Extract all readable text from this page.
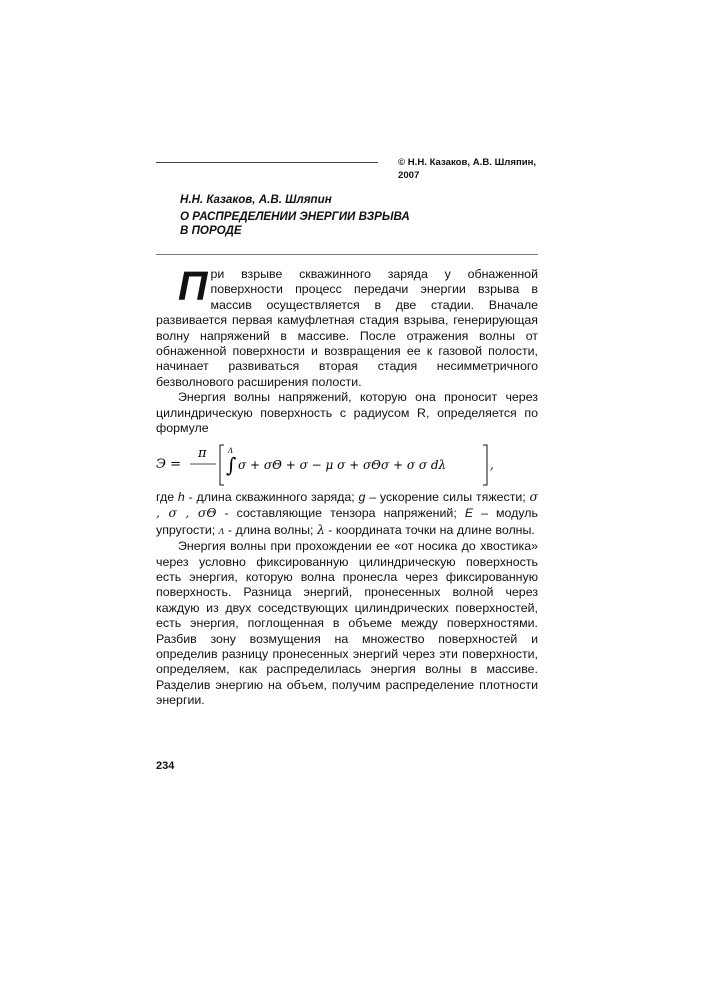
© Н.Н. Казаков, А.В. Шляпин,
2007
Н.Н. Казаков, А.В. Шляпин
О РАСПРЕДЕЛЕНИИ ЭНЕРГИИ ВЗРЫВА
В ПОРОДЕ

При взрыве скважинного заряда у обнаженной поверхности процесс передачи энергии взрыва в массив осуществляется в две стадии. Вначале развивается первая камуфлетная стадия взрыва, генерирующая волну напряжений в массиве. После отражения волны от обнаженной поверхности и возвращения ее к газовой полости, начинает развиваться вторая стадия несимметричного безволнового расширения полости.

Энергия волны напряжений, которую она проносит через цилиндрическую поверхность с радиусом R, определяется по формуле

Э =
π	Λ
∫ σ + σΘ + σ − μ σ + σΘσ + σ σ dλ	,

где h - длина скважинного заряда; g – ускорение силы тяжести; σ , σ , σΘ - составляющие тензора напряжений; Е – модуль упругости; Λ - длина волны; λ - координата точки на длине волны.

Энергия волны при прохождении ее «от носика до хвостика» через условно фиксированную цилиндрическую поверхность есть энергия, которую волна пронесла через фиксированную поверхность. Разница энергий, пронесенных волной через каждую из двух соседствующих цилиндрических поверхностей, есть энергия, поглощенная в объеме между поверхностями. Разбив зону возмущения на множество поверхностей и определив разницу пронесенных энергий через эти поверхности, определяем, как распределилась энергия волны в массиве. Разделив энергию на объем, получим распределение плотности энергии.

234
